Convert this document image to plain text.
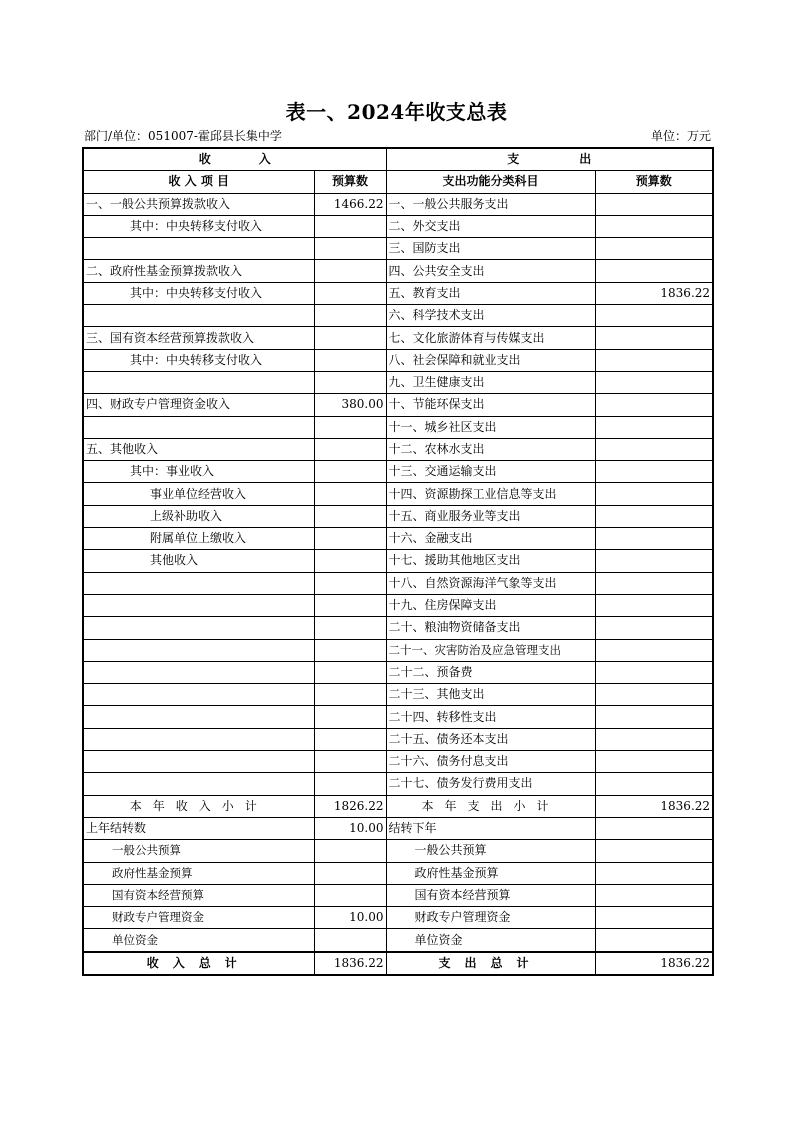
表一、2024年收支总表
部门/单位：051007-霍邱县长集中学	单位：万元
收　　　　入		支　　　　　出	
收 入 项 目	预算数	支出功能分类科目	预算数
一、一般公共预算拨款收入	1466.22	一、一般公共服务支出	
其中：中央转移支付收入		二、外交支出	
		三、国防支出	
二、政府性基金预算拨款收入		四、公共安全支出	
其中：中央转移支付收入		五、教育支出	1836.22
		六、科学技术支出	
三、国有资本经营预算拨款收入		七、文化旅游体育与传媒支出	
其中：中央转移支付收入		八、社会保障和就业支出	
		九、卫生健康支出	
四、财政专户管理资金收入	380.00	十、节能环保支出	
		十一、城乡社区支出	
五、其他收入		十二、农林水支出	
其中：事业收入		十三、交通运输支出	
事业单位经营收入		十四、资源勘探工业信息等支出	
上级补助收入		十五、商业服务业等支出	
附属单位上缴收入		十六、金融支出	
其他收入		十七、援助其他地区支出	
		十八、自然资源海洋气象等支出	
		十九、住房保障支出	
		二十、粮油物资储备支出	
		二十一、灾害防治及应急管理支出	
		二十二、预备费	
		二十三、其他支出	
		二十四、转移性支出	
		二十五、债务还本支出	
		二十六、债务付息支出	
		二十七、债务发行费用支出	
本年收入小计	1826.22	本年支出小计	1836.22
上年结转数	10.00	结转下年	
一般公共预算		一般公共预算	
政府性基金预算		政府性基金预算	
国有资本经营预算		国有资本经营预算	
财政专户管理资金	10.00	财政专户管理资金	
单位资金		单位资金	
收入总计	1836.22	支出总计	1836.22
